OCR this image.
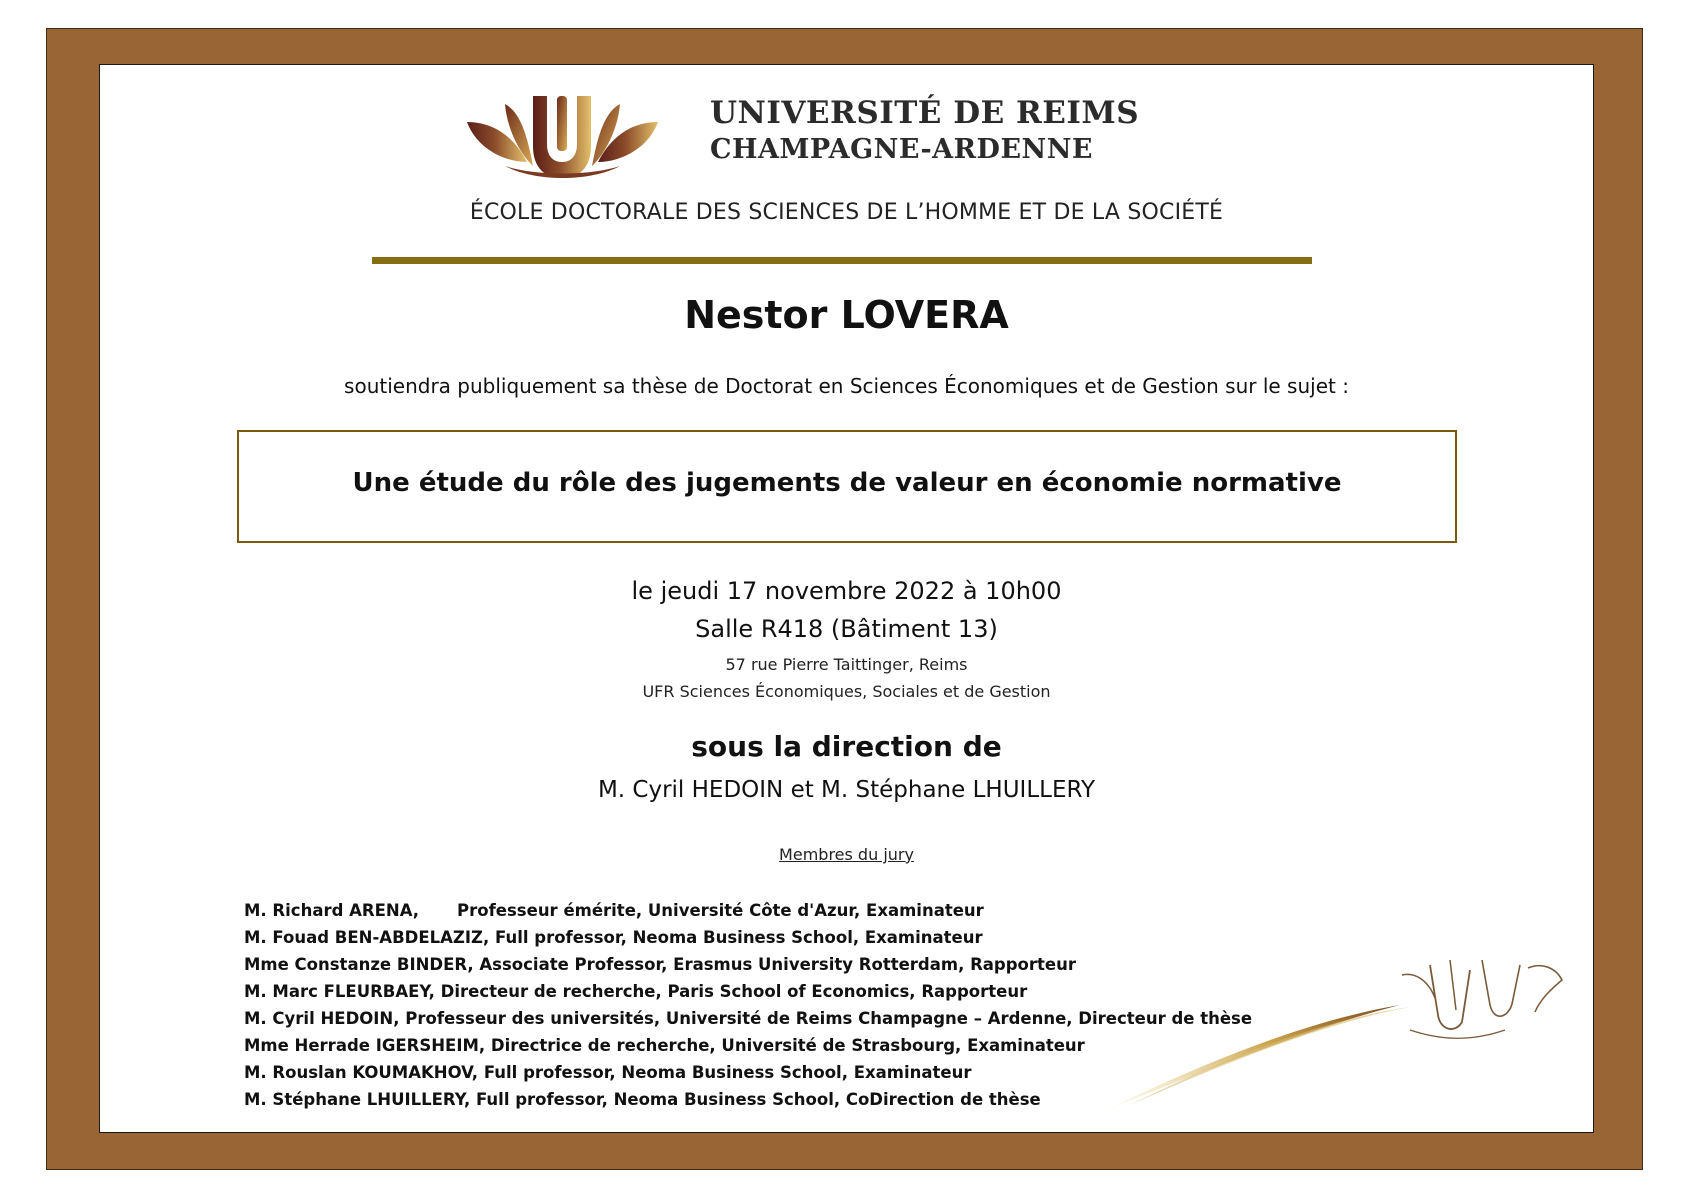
UNIVERSITÉ DE REIMS
CHAMPAGNE-ARDENNE
ÉCOLE DOCTORALE DES SCIENCES DE L’HOMME ET DE LA SOCIÉTÉ
Nestor LOVERA
soutiendra publiquement sa thèse de Doctorat en Sciences Économiques et de Gestion sur le sujet :
Une étude du rôle des jugements de valeur en économie normative
le jeudi 17 novembre 2022 à 10h00
Salle R418 (Bâtiment 13)
57 rue Pierre Taittinger, Reims
UFR Sciences Économiques, Sociales et de Gestion
sous la direction de
M. Cyril HEDOIN et M. Stéphane LHUILLERY
Membres du jury
M. Richard ARENA, Professeur émérite, Université Côte d'Azur, Examinateur
M. Fouad BEN-ABDELAZIZ, Full professor, Neoma Business School, Examinateur
Mme Constanze BINDER, Associate Professor, Erasmus University Rotterdam, Rapporteur
M. Marc FLEURBAEY, Directeur de recherche, Paris School of Economics, Rapporteur
M. Cyril HEDOIN, Professeur des universités, Université de Reims Champagne – Ardenne, Directeur de thèse
Mme Herrade IGERSHEIM, Directrice de recherche, Université de Strasbourg, Examinateur
M. Rouslan KOUMAKHOV, Full professor, Neoma Business School, Examinateur
M. Stéphane LHUILLERY, Full professor, Neoma Business School, CoDirection de thèse
